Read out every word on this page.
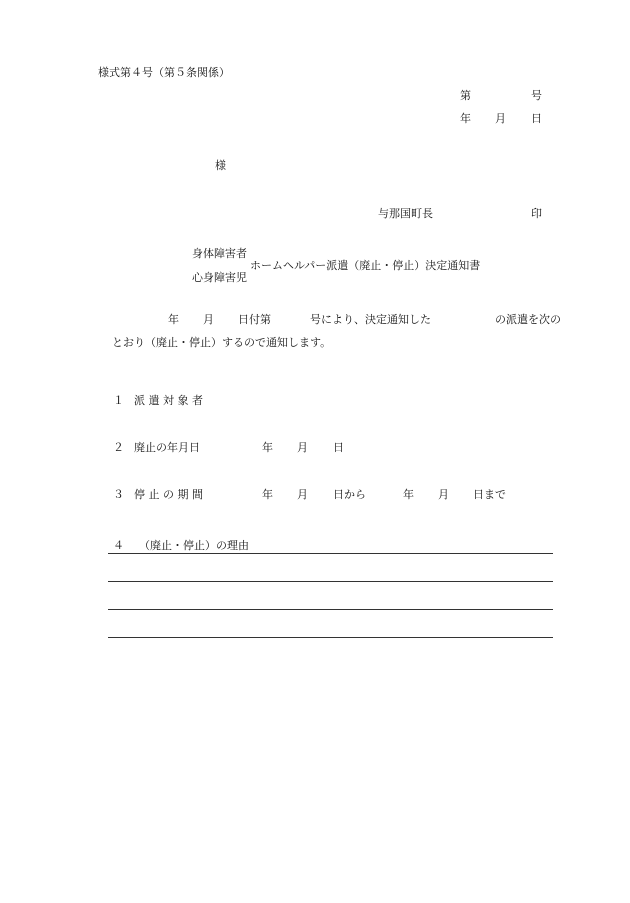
様式第４号（第５条関係）
第	号
年 月 日
様
与那国町長	印
身体障害者
ホームヘルパー派遣（廃止・停止）決定通知書
心身障害児
年 月 日付第	号により、決定通知した	の派遣を次の
とおり（廃止・停止）するので通知します。
１ 派 遣 対 象 者
２ 廃止の年月日	年 月 日
３ 停 止 の 期 間	年 月 日から	年 月 日まで
４ （廃止・停止）の理由
